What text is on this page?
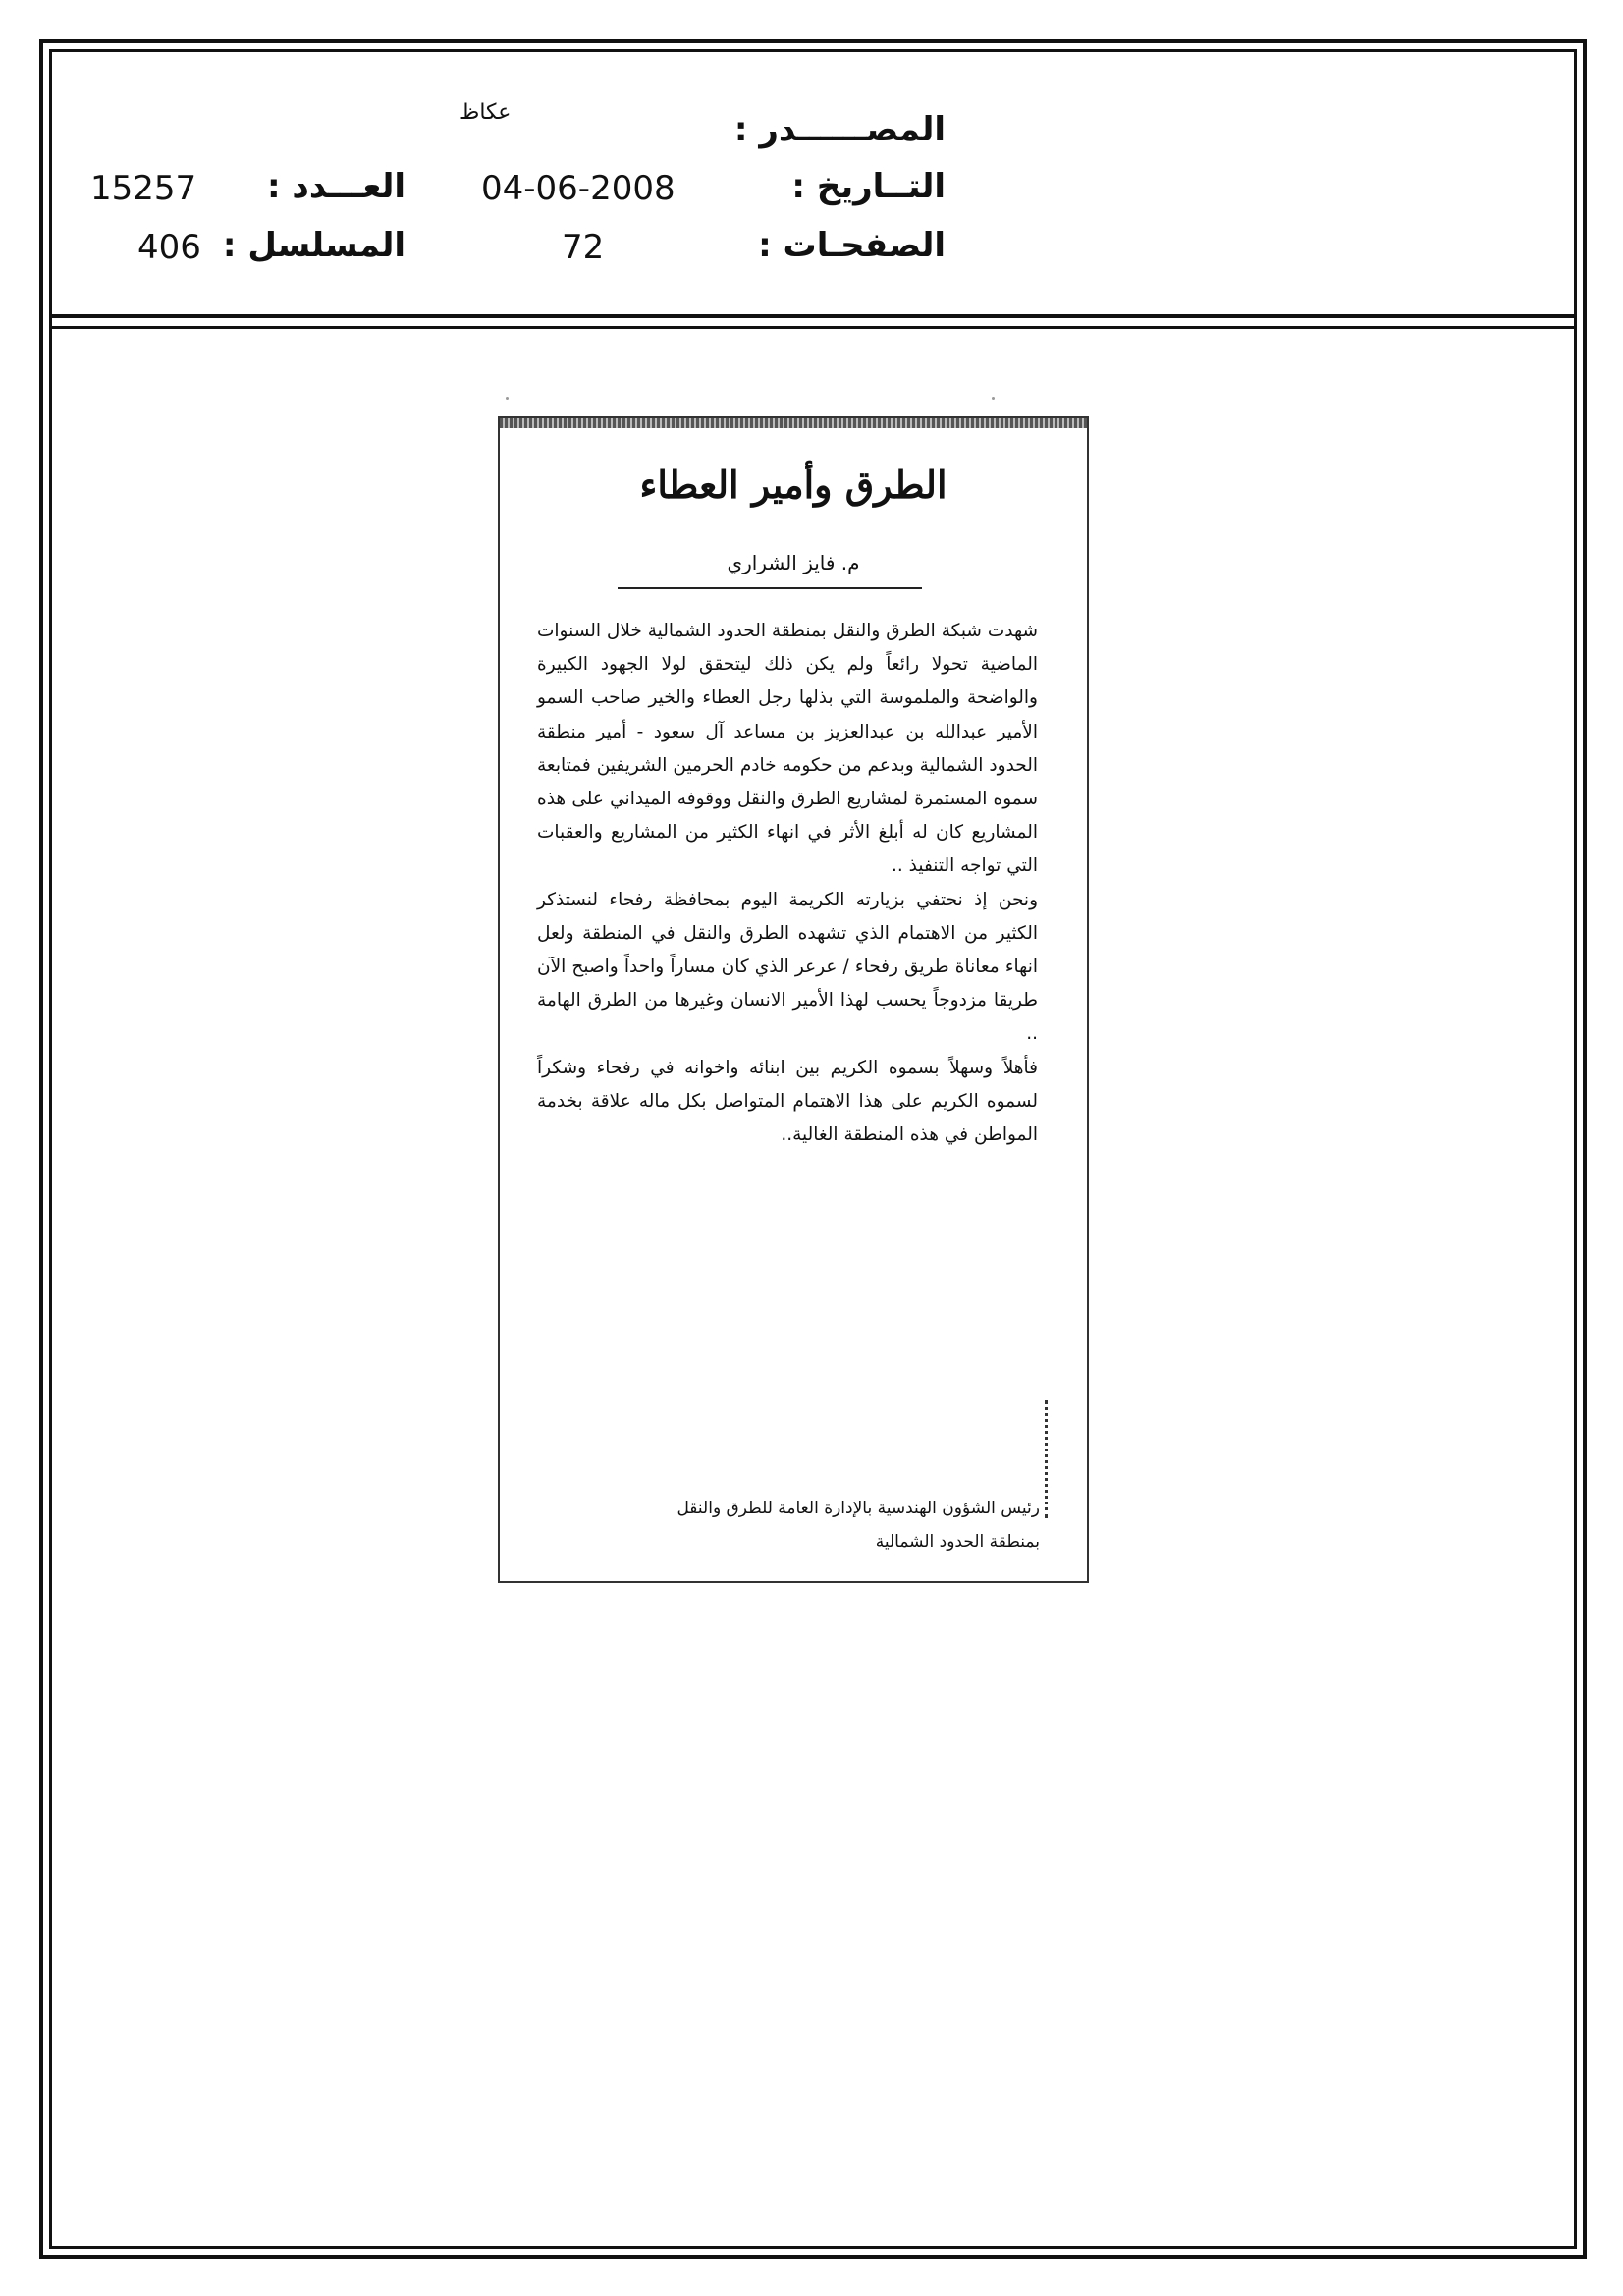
عكاظ	المصــــــدر :
04-06-2008	التــاريخ :
15257 العـــدد :
72	الصفحـات :
406 المسلسل :
الطرق وأمير العطاء
م. فايز الشراري

شهدت شبكة الطرق والنقل بمنطقة الحدود الشمالية خلال السنوات الماضية تحولا رائعاً ولم يكن ذلك ليتحقق لولا الجهود الكبيرة والواضحة والملموسة التي بذلها رجل العطاء والخير صاحب السمو الأمير عبدالله بن عبدالعزيز بن مساعد آل سعود - أمير منطقة الحدود الشمالية وبدعم من حكومه خادم الحرمين الشريفين فمتابعة سموه المستمرة لمشاريع الطرق والنقل ووقوفه الميداني على هذه المشاريع كان له أبلغ الأثر في انهاء الكثير من المشاريع والعقبات التي تواجه التنفيذ ..

ونحن إذ نحتفي بزيارته الكريمة اليوم بمحافظة رفحاء لنستذكر الكثير من الاهتمام الذي تشهده الطرق والنقل في المنطقة ولعل انهاء معاناة طريق رفحاء / عرعر الذي كان مساراً واحداً واصبح الآن طريقا مزدوجاً يحسب لهذا الأمير الانسان وغيرها من الطرق الهامة ..

فأهلاً وسهلاً بسموه الكريم بين ابنائه واخوانه في رفحاء وشكراً لسموه الكريم على هذا الاهتمام المتواصل بكل ماله علاقة بخدمة المواطن في هذه المنطقة الغالية..

رئيس الشؤون الهندسية بالإدارة العامة للطرق والنقل
بمنطقة الحدود الشمالية
